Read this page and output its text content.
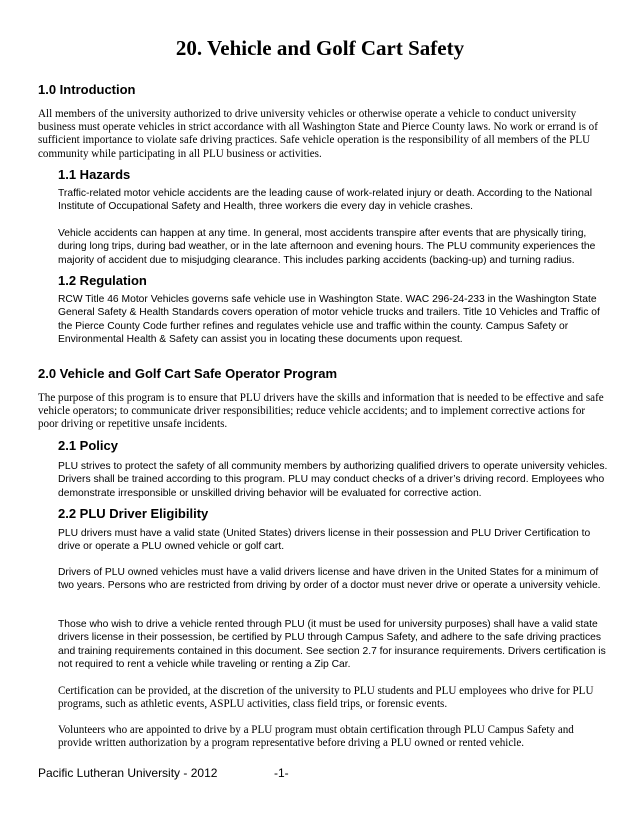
20. Vehicle and Golf Cart Safety
1.0 Introduction

All members of the university authorized to drive university vehicles or otherwise operate a vehicle to conduct university business must operate vehicles in strict accordance with all Washington State and Pierce County laws. No work or errand is of sufficient importance to violate safe driving practices. Safe vehicle operation is the responsibility of all members of the PLU community while participating in all PLU business or activities.

1.1 Hazards

Traffic-related motor vehicle accidents are the leading cause of work-related injury or death. According to the National Institute of Occupational Safety and Health, three workers die every day in vehicle crashes.

Vehicle accidents can happen at any time. In general, most accidents transpire after events that are physically tiring, during long trips, during bad weather, or in the late afternoon and evening hours. The PLU community experiences the majority of accident due to misjudging clearance. This includes parking accidents (backing-up) and turning radius.

1.2 Regulation

RCW Title 46 Motor Vehicles governs safe vehicle use in Washington State. WAC 296-24-233 in the Washington State General Safety & Health Standards covers operation of motor vehicle trucks and trailers. Title 10 Vehicles and Traffic of the Pierce County Code further refines and regulates vehicle use and traffic within the county. Campus Safety or Environmental Health & Safety can assist you in locating these documents upon request.

2.0 Vehicle and Golf Cart Safe Operator Program

The purpose of this program is to ensure that PLU drivers have the skills and information that is needed to be effective and safe vehicle operators; to communicate driver responsibilities; reduce vehicle accidents; and to implement corrective actions for poor driving or repetitive unsafe incidents.

2.1 Policy

PLU strives to protect the safety of all community members by authorizing qualified drivers to operate university vehicles. Drivers shall be trained according to this program. PLU may conduct checks of a driver’s driving record. Employees who demonstrate irresponsible or unskilled driving behavior will be evaluated for corrective action.

2.2 PLU Driver Eligibility

PLU drivers must have a valid state (United States) drivers license in their possession and PLU Driver Certification to drive or operate a PLU owned vehicle or golf cart.

Drivers of PLU owned vehicles must have a valid drivers license and have driven in the United States for a minimum of two years. Persons who are restricted from driving by order of a doctor must never drive or operate a university vehicle.

Those who wish to drive a vehicle rented through PLU (it must be used for university purposes) shall have a valid state drivers license in their possession, be certified by PLU through Campus Safety, and adhere to the safe driving practices and training requirements contained in this document. See section 2.7 for insurance requirements. Drivers certification is not required to rent a vehicle while traveling or renting a Zip Car.

Certification can be provided, at the discretion of the university to PLU students and PLU employees who drive for PLU programs, such as athletic events, ASPLU activities, class field trips, or forensic events.

Volunteers who are appointed to drive by a PLU program must obtain certification through PLU Campus Safety and provide written authorization by a program representative before driving a PLU owned or rented vehicle.

Pacific Lutheran University - 2012	-1-
